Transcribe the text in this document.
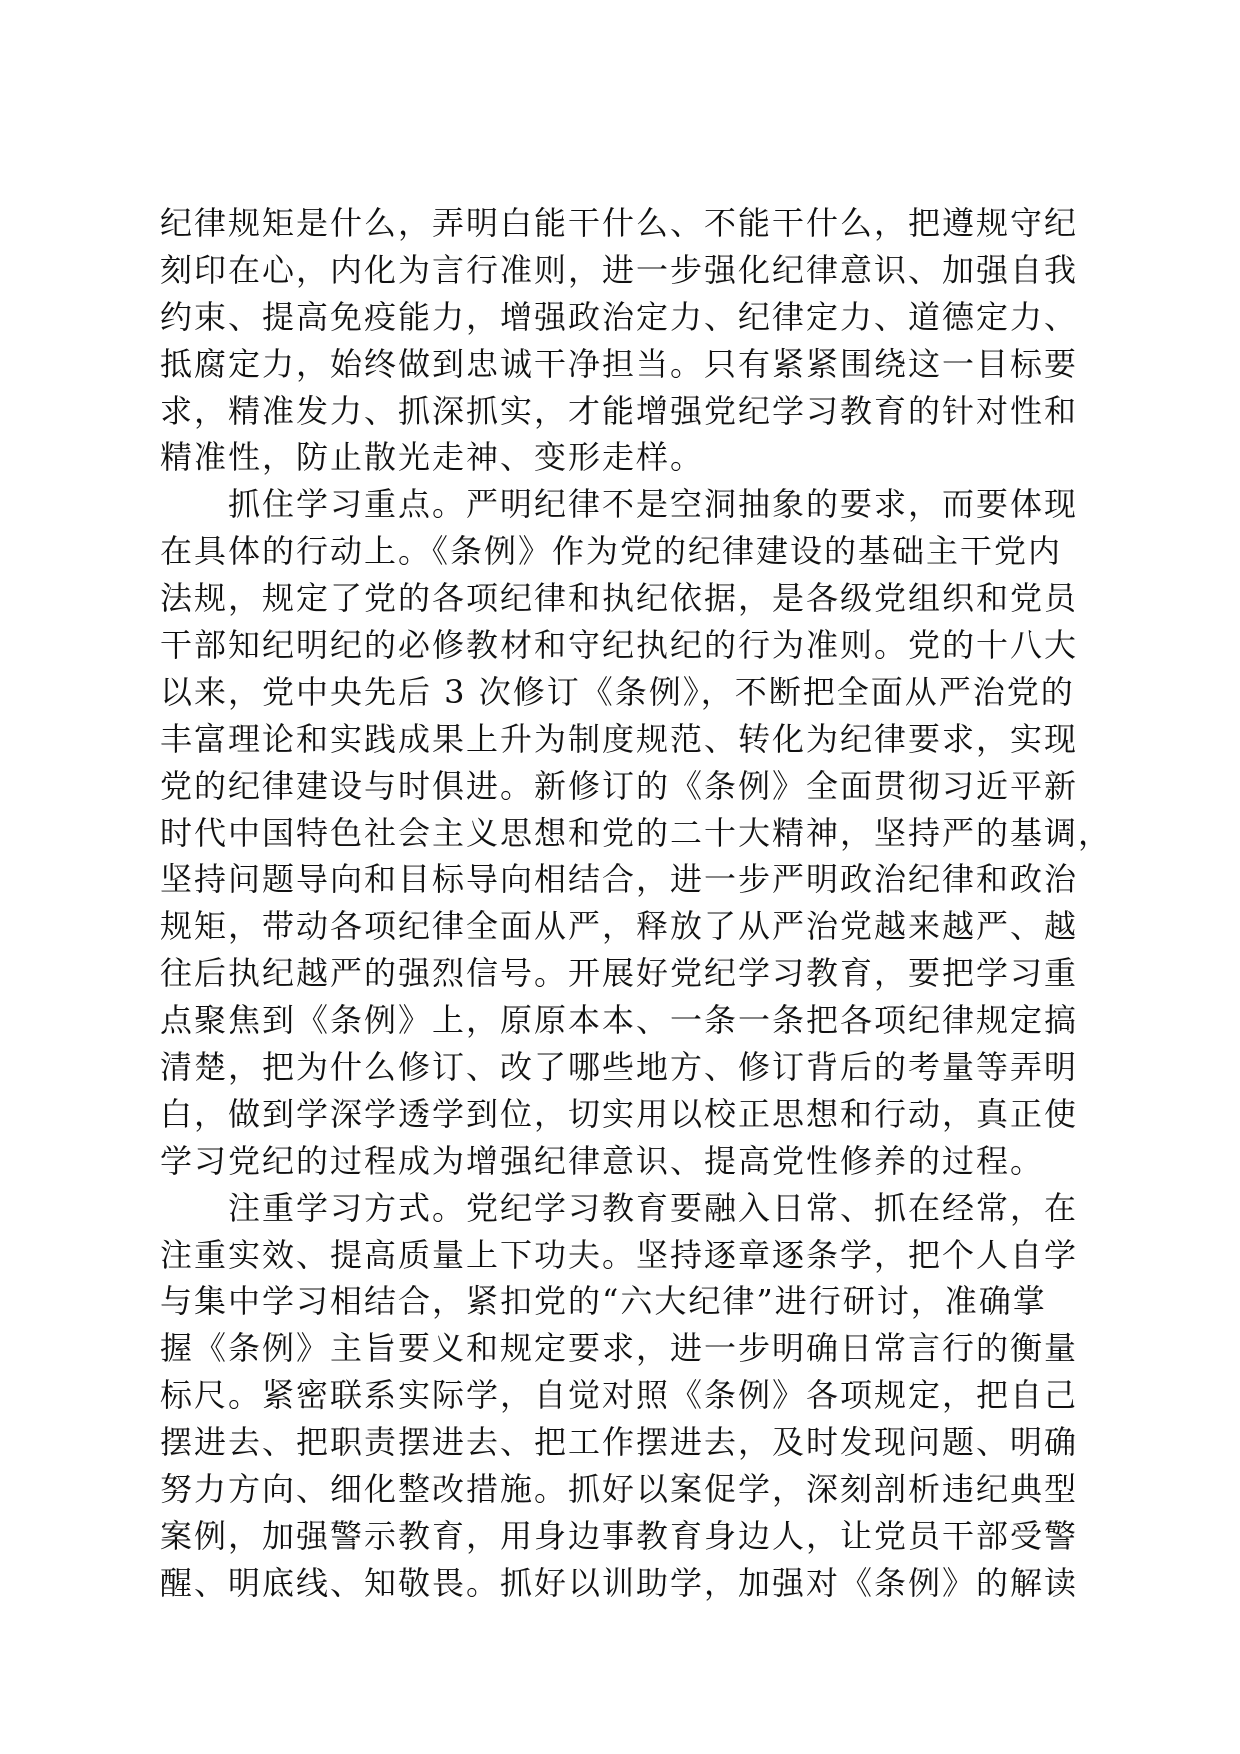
纪律规矩是什么，弄明白能干什么、不能干什么，把遵规守纪
刻印在心，内化为言行准则，进一步强化纪律意识、加强自我
约束、提高免疫能力，增强政治定力、纪律定力、道德定力、
抵腐定力，始终做到忠诚干净担当。只有紧紧围绕这一目标要
求，精准发力、抓深抓实，才能增强党纪学习教育的针对性和
精准性，防止散光走神、变形走样。
抓住学习重点。严明纪律不是空洞抽象的要求，而要体现
在具体的行动上。《条例》作为党的纪律建设的基础主干党内
法规，规定了党的各项纪律和执纪依据，是各级党组织和党员
干部知纪明纪的必修教材和守纪执纪的行为准则。党的十八大
以来，党中央先后 3 次修订《条例》，不断把全面从严治党的
丰富理论和实践成果上升为制度规范、转化为纪律要求，实现
党的纪律建设与时俱进。新修订的《条例》全面贯彻习近平新
时代中国特色社会主义思想和党的二十大精神，坚持严的基调，
坚持问题导向和目标导向相结合，进一步严明政治纪律和政治
规矩，带动各项纪律全面从严，释放了从严治党越来越严、越
往后执纪越严的强烈信号。开展好党纪学习教育，要把学习重
点聚焦到《条例》上，原原本本、一条一条把各项纪律规定搞
清楚，把为什么修订、改了哪些地方、修订背后的考量等弄明
白，做到学深学透学到位，切实用以校正思想和行动，真正使
学习党纪的过程成为增强纪律意识、提高党性修养的过程。
注重学习方式。党纪学习教育要融入日常、抓在经常，在
注重实效、提高质量上下功夫。坚持逐章逐条学，把个人自学
与集中学习相结合，紧扣党的“六大纪律”进行研讨，准确掌
握《条例》主旨要义和规定要求，进一步明确日常言行的衡量
标尺。紧密联系实际学，自觉对照《条例》各项规定，把自己
摆进去、把职责摆进去、把工作摆进去，及时发现问题、明确
努力方向、细化整改措施。抓好以案促学，深刻剖析违纪典型
案例，加强警示教育，用身边事教育身边人，让党员干部受警
醒、明底线、知敬畏。抓好以训助学，加强对《条例》的解读
